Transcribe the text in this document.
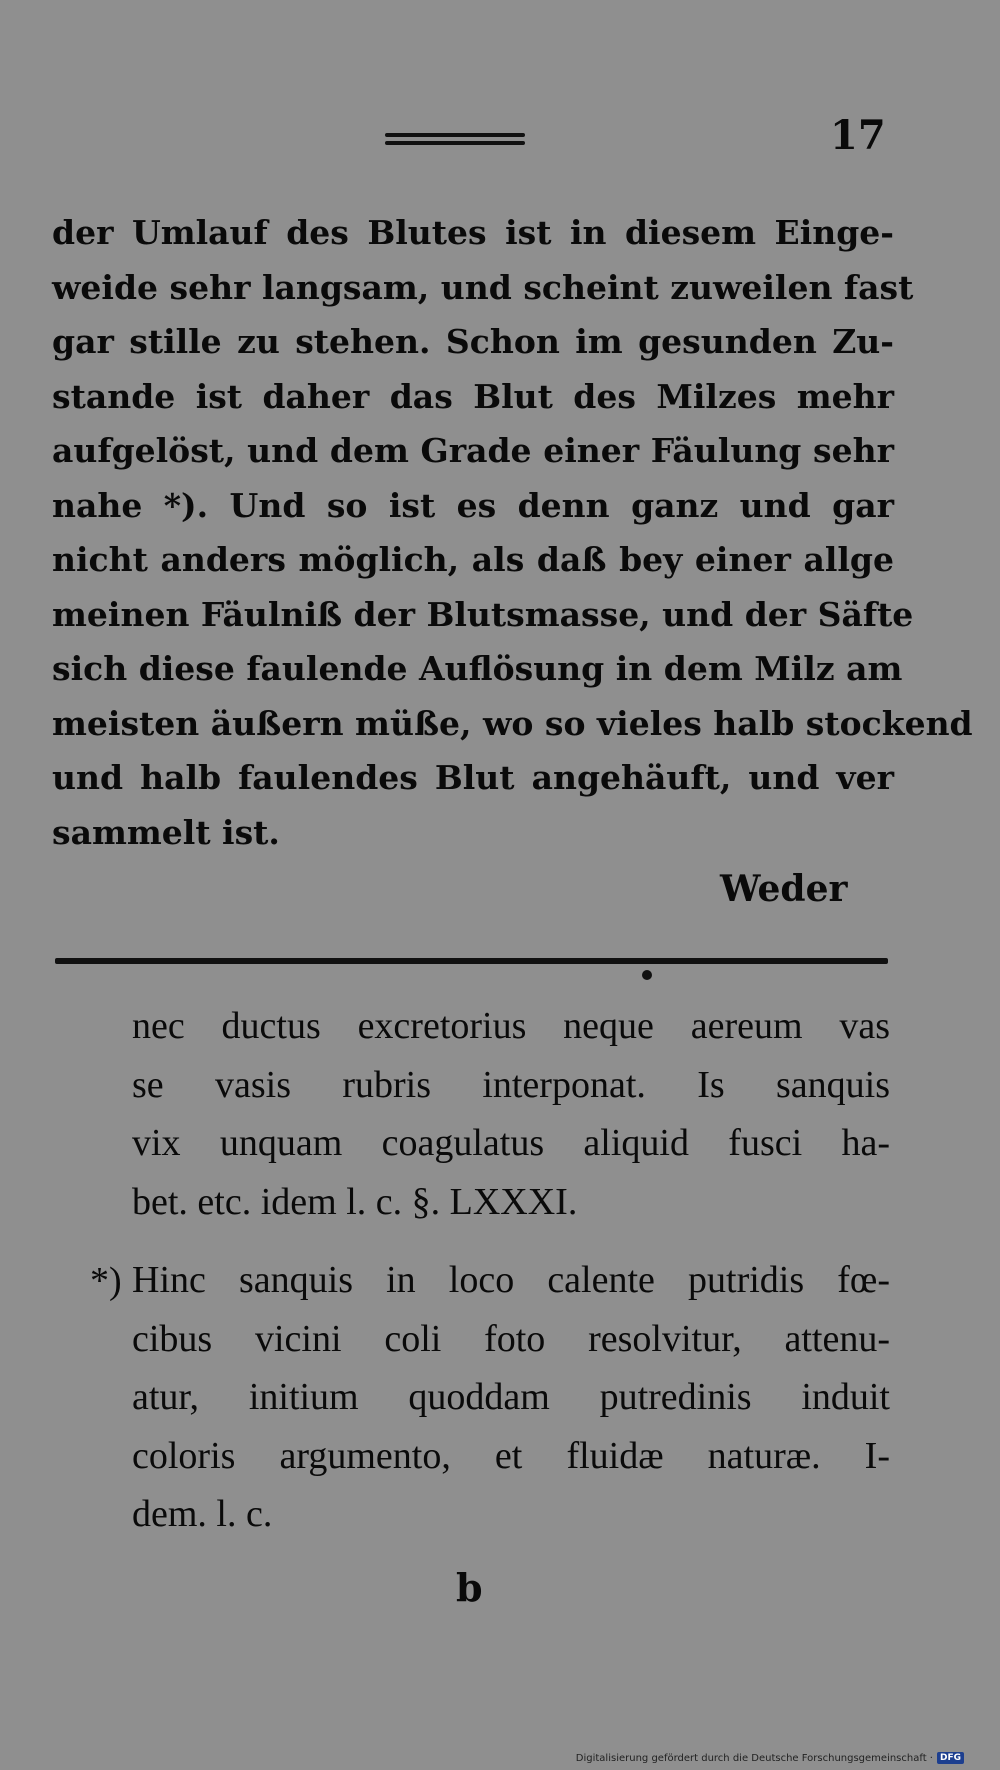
17
der Umlauf des Blutes ist in diesem Einge-
weide sehr langsam, und scheint zuweilen fast
gar stille zu stehen. Schon im gesunden Zu-
stande ist daher das Blut des Milzes mehr
aufgelöst, und dem Grade einer Fäulung sehr
nahe *). Und so ist es denn ganz und gar
nicht anders möglich, als daß bey einer allge
meinen Fäulniß der Blutsmasse, und der Säfte
sich diese faulende Auflösung in dem Milz am
meisten äußern müße, wo so vieles halb stockend
und halb faulendes Blut angehäuft, und ver
sammelt ist.
Weder
nec ductus excretorius neque aereum vas
se vasis rubris interponat. Is sanquis
vix unquam coagulatus aliquid fusci ha-
bet. etc. idem l. c. §. LXXXI.
*) Hinc sanquis in loco calente putridis fœ-
cibus vicini coli foto resolvitur, attenu-
atur, initium quoddam putredinis induit
coloris argumento, et fluidæ naturæ. I-
dem. l. c.
b
Digitalisierung gefördert durch die Deutsche Forschungsgemeinschaft · DFG
